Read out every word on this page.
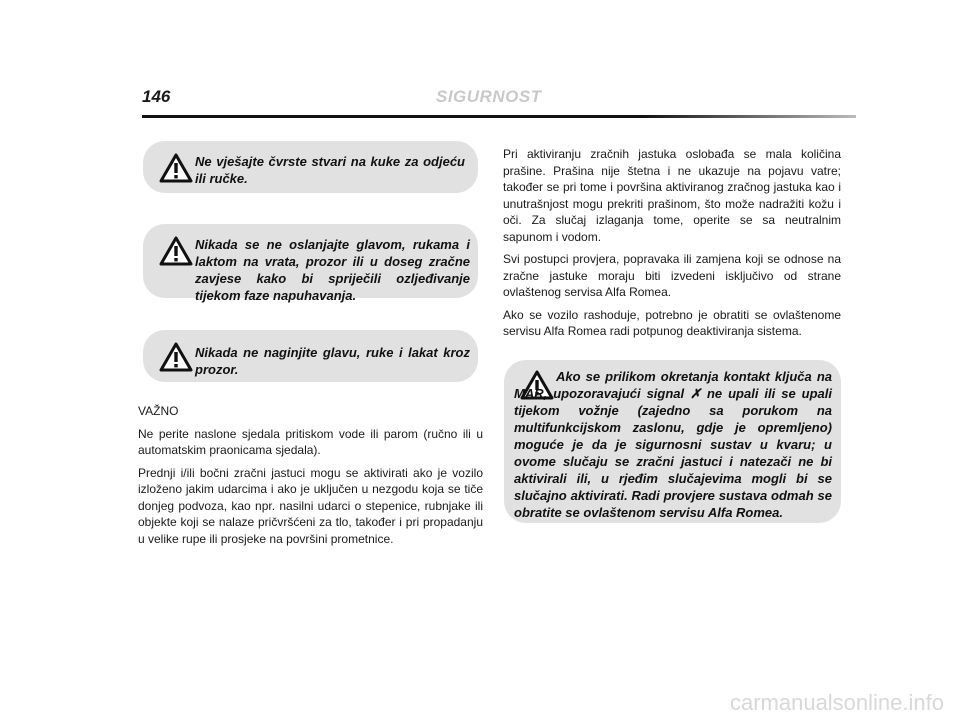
146	SIGURNOST
Ne vješajte čvrste stvari na kuke za odjeću ili ručke.
Nikada se ne oslanjajte glavom, rukama i laktom na vrata, prozor ili u doseg zračne zavjese kako bi spriječili ozljeđivanje tijekom faze napuhavanja.
Nikada ne naginjite glavu, ruke i lakat kroz prozor.

VAŽNO

Ne perite naslone sjedala pritiskom vode ili parom (ručno ili u automatskim praonicama sjedala).

Prednji i/ili bočni zračni jastuci mogu se aktivirati ako je vozilo izloženo jakim udarcima i ako je uključen u nezgodu koja se tiče donjeg podvoza, kao npr. nasilni udarci o stepenice, rubnjake ili objekte koji se nalaze pričvršćeni za tlo, također i pri propadanju u velike rupe ili prosjeke na površini prometnice.

Pri aktiviranju zračnih jastuka oslobađa se mala količina prašine. Prašina nije štetna i ne ukazuje na pojavu vatre; također se pri tome i površina aktiviranog zračnog jastuka kao i unutrašnjost mogu prekriti prašinom, što može nadražiti kožu i oči. Za slučaj izlaganja tome, operite se sa neutralnim sapunom i vodom.

Svi postupci provjera, popravaka ili zamjena koji se odnose na zračne jastuke moraju biti izvedeni isključivo od strane ovlaštenog servisa Alfa Romea.

Ako se vozilo rashoduje, potrebno je obratiti se ovlaštenome servisu Alfa Romea radi potpunog deaktiviranja sistema.

Ako se prilikom okretanja kontakt ključa na MAR, upozoravajući signal ✗ ne upali ili se upali tijekom vožnje (zajedno sa porukom na multifunkcijskom zaslonu, gdje je opremljeno) moguće je da je sigurnosni sustav u kvaru; u ovome slučaju se zračni jastuci i natezači ne bi aktivirali ili, u rjeđim slučajevima mogli bi se slučajno aktivirati. Radi provjere sustava odmah se obratite se ovlaštenom servisu Alfa Romea.
carmanualsonline.info
